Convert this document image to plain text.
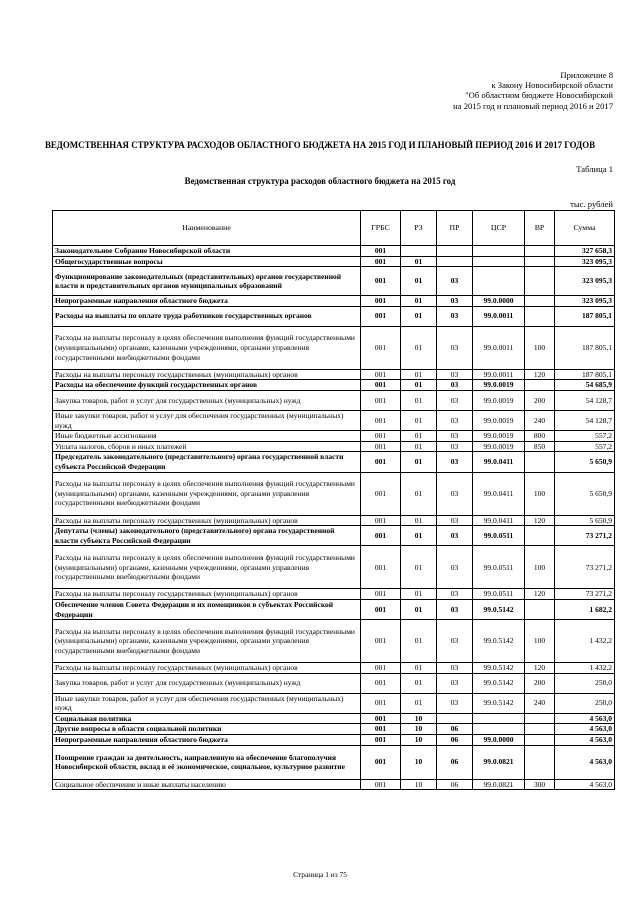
Приложение 8
к Закону Новосибирской области
"Об областном бюджете Новосибирской
на 2015 год и плановый период 2016 и 2017
ВЕДОМСТВЕННАЯ СТРУКТУРА РАСХОДОВ ОБЛАСТНОГО БЮДЖЕТА НА 2015 ГОД И ПЛАНОВЫЙ ПЕРИОД 2016 И 2017 ГОДОВ
Таблица 1
Ведомственная структура расходов областного бюджета на 2015 год
тыс. рублей
Наименование	ГРБС	РЗ	ПР	ЦСР	ВР	Сумма
Законодательное Собрание Новосибирской области	001					327 658,3
Общегосударственные вопросы	001	01				323 095,3
Функционирование законодательных (представительных) органов государственной власти и представительных органов муниципальных образований	001	01	03			323 095,3
Непрограммные направления областного бюджета	001	01	03	99.0.0000		323 095,3
Расходы на выплаты по оплате труда работников государственных органов	001	01	03	99.0.0011		187 805,1
Расходы на выплаты персоналу в целях обеспечения выполнения функций государственными (муниципальными) органами, казенными учреждениями, органами управления государственными внебюджетными фондами	001	01	03	99.0.0011	100	187 805,1
Расходы на выплаты персоналу государственных (муниципальных) органов	001	01	03	99.0.0011	120	187 805,1
Расходы на обеспечение функций государственных органов	001	01	03	99.0.0019		54 685,9
Закупка товаров, работ и услуг для государственных (муниципальных) нужд	001	01	03	99.0.0019	200	54 128,7
Иные закупки товаров, работ и услуг для обеспечения государственных (муниципальных) нужд	001	01	03	99.0.0019	240	54 128,7
Иные бюджетные ассигнования	001	01	03	99.0.0019	800	557,2
Уплата налогов, сборов и иных платежей	001	01	03	99.0.0019	850	557,2
Председатель законодательного (представительного) органа государственной власти субъекта Российской Федерации	001	01	03	99.0.0411		5 650,9
Расходы на выплаты персоналу в целях обеспечения выполнения функций государственными (муниципальными) органами, казенными учреждениями, органами управления государственными внебюджетными фондами	001	01	03	99.0.0411	100	5 650,9
Расходы на выплаты персоналу государственных (муниципальных) органов	001	01	03	99.0.0411	120	5 650,9
Депутаты (члены) законодательного (представительного) органа государственной власти субъекта Российской Федерации	001	01	03	99.0.0511		73 271,2
Расходы на выплаты персоналу в целях обеспечения выполнения функций государственными (муниципальными) органами, казенными учреждениями, органами управления государственными внебюджетными фондами	001	01	03	99.0.0511	100	73 271,2
Расходы на выплаты персоналу государственных (муниципальных) органов	001	01	03	99.0.0511	120	73 271,2
Обеспечение членов Совета Федерации и их помощников в субъектах Российской Федерации	001	01	03	99.0.5142		1 682,2
Расходы на выплаты персоналу в целях обеспечения выполнения функций государственными (муниципальными) органами, казенными учреждениями, органами управления государственными внебюджетными фондами	001	01	03	99.0.5142	100	1 432,2
Расходы на выплаты персоналу государственных (муниципальных) органов	001	01	03	99.0.5142	120	1 432,2
Закупка товаров, работ и услуг для государственных (муниципальных) нужд	001	01	03	99.0.5142	200	250,0
Иные закупки товаров, работ и услуг для обеспечения государственных (муниципальных) нужд	001	01	03	99.0.5142	240	250,0
Социальная политика	001	10				4 563,0
Другие вопросы в области социальной политики	001	10	06			4 563,0
Непрограммные направления областного бюджета	001	10	06	99.0.0000		4 563,0
Поощрение граждан за деятельность, направленную на обеспечение благополучия Новосибирской области, вклад в её экономическое, социальное, культурное развитие	001	10	06	99.0.0821		4 563,0
Социальное обеспечение и иные выплаты населению	001	10	06	99.0.0821	300	4 563,0
Страница 1 из 75
